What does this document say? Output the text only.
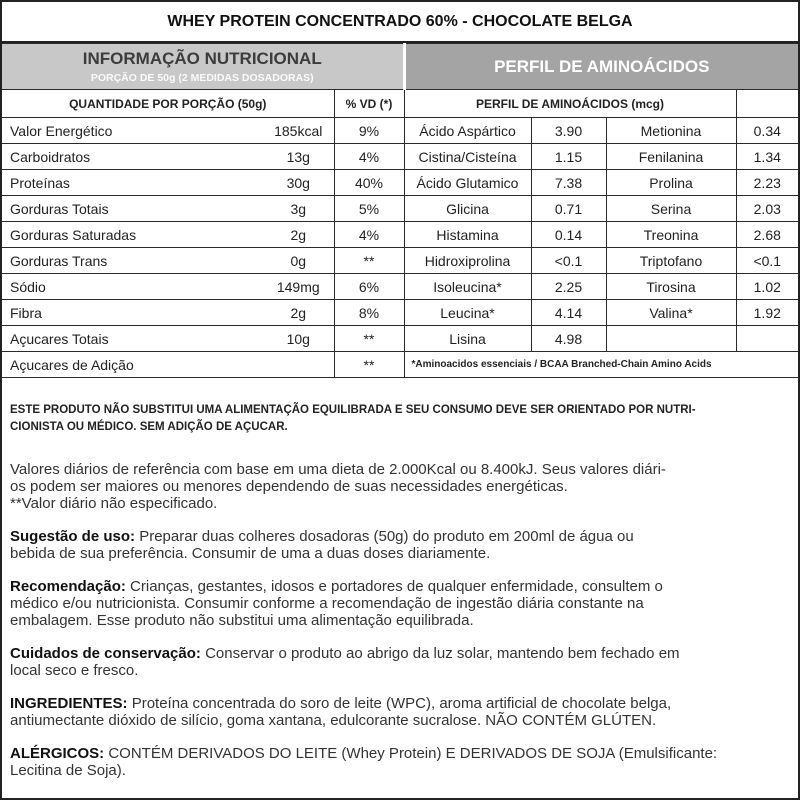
WHEY PROTEIN CONCENTRADO 60% - CHOCOLATE BELGA
INFORMAÇÃO NUTRICIONAL
PORÇÃO DE 50g (2 MEDIDAS DOSADORAS)			PERFIL DE AMINOÁCIDOS			
QUANTIDADE POR PORÇÃO (50g)		% VD (*)	PERFIL DE AMINOÁCIDOS (mcg)			
Valor Energético	185kcal	9%	Ácido Aspártico	3.90	Metionina	0.34
Carboidratos	13g	4%	Cistina/Cisteína	1.15	Fenilanina	1.34
Proteínas	30g	40%	Ácido Glutamico	7.38	Prolina	2.23
Gorduras Totais	3g	5%	Glicina	0.71	Serina	2.03
Gorduras Saturadas	2g	4%	Histamina	0.14	Treonina	2.68
Gorduras Trans	0g	**	Hidroxiprolina	<0.1	Triptofano	<0.1
Sódio	149mg	6%	Isoleucina*	2.25	Tirosina	1.02
Fibra	2g	8%	Leucina*	4.14	Valina*	1.92
Açucares Totais	10g	**	Lisina	4.98		
Açucares de Adição		**	*Aminoacidos essenciais / BCAA Branched-Chain Amino Acids			
ESTE PRODUTO NÃO SUBSTITUI UMA ALIMENTAÇÃO EQUILIBRADA E SEU CONSUMO DEVE SER ORIENTADO POR NUTRI-
CIONISTA OU MÉDICO. SEM ADIÇÃO DE AÇUCAR.
Valores diários de referência com base em uma dieta de 2.000Kcal ou 8.400kJ. Seus valores diári-
os podem ser maiores ou menores dependendo de suas necessidades energéticas.
**Valor diário não especificado.
Sugestão de uso: Preparar duas colheres dosadoras (50g) do produto em 200ml de água ou
bebida de sua preferência. Consumir de uma a duas doses diariamente.
Recomendação: Crianças, gestantes, idosos e portadores de qualquer enfermidade, consultem o
médico e/ou nutricionista. Consumir conforme a recomendação de ingestão diária constante na
embalagem. Esse produto não substitui uma alimentação equilibrada.
Cuidados de conservação: Conservar o produto ao abrigo da luz solar, mantendo bem fechado em
local seco e fresco.
INGREDIENTES: Proteína concentrada do soro de leite (WPC), aroma artificial de chocolate belga,
antiumectante dióxido de silício, goma xantana, edulcorante sucralose. NÃO CONTÉM GLÚTEN.
ALÉRGICOS: CONTÉM DERIVADOS DO LEITE (Whey Protein) E DERIVADOS DE SOJA (Emulsificante:
Lecitina de Soja).
